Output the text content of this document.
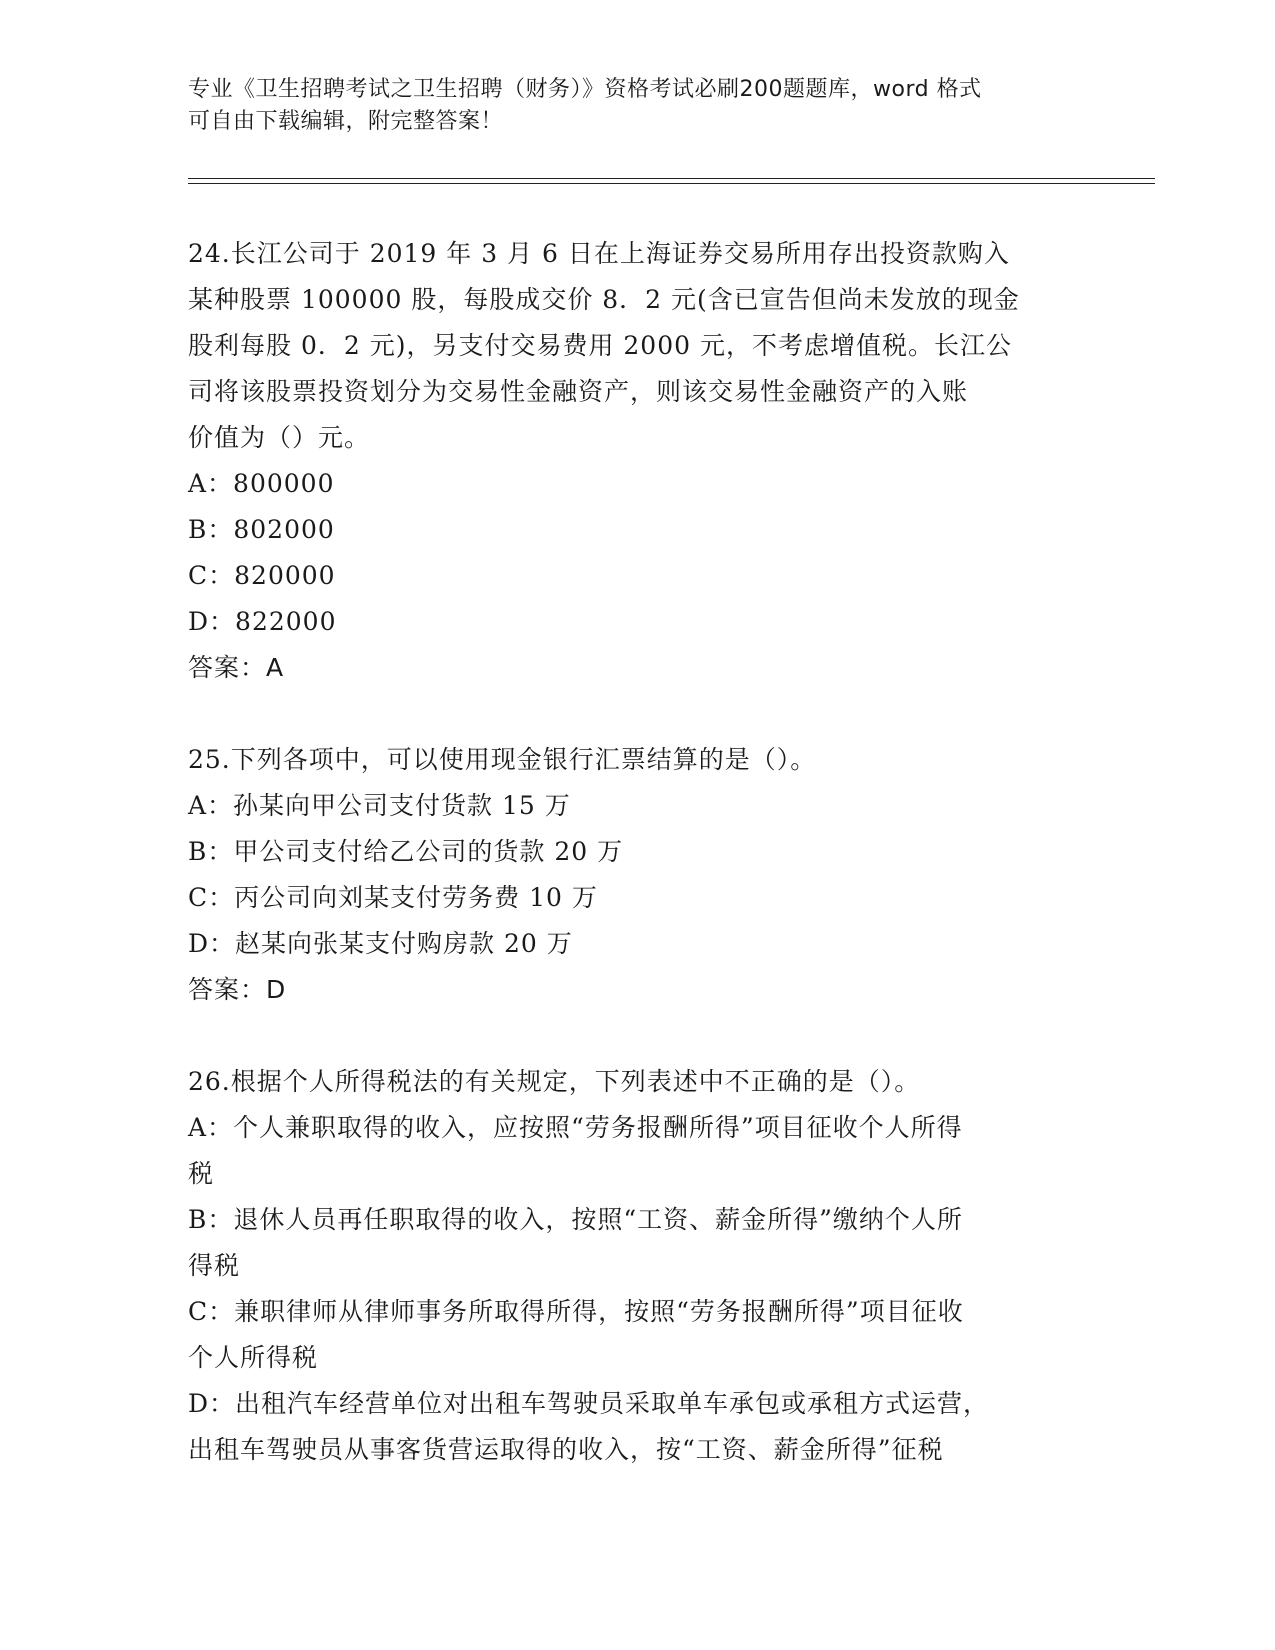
专业《卫生招聘考试之卫生招聘（财务）》资格考试必刷200题题库，word 格式
可自由下载编辑，附完整答案！

24.长江公司于 2019 年 3 月 6 日在上海证券交易所用存出投资款购入

某种股票 100000 股，每股成交价 8．2 元(含已宣告但尚未发放的现金

股利每股 0．2 元)，另支付交易费用 2000 元，不考虑增值税。长江公

司将该股票投资划分为交易性金融资产，则该交易性金融资产的入账

价值为（）元。

A：800000

B：802000

C：820000

D：822000

答案：A

25.下列各项中，可以使用现金银行汇票结算的是（）。

A：孙某向甲公司支付货款 15 万

B：甲公司支付给乙公司的货款 20 万

C：丙公司向刘某支付劳务费 10 万

D：赵某向张某支付购房款 20 万

答案：D

26.根据个人所得税法的有关规定，下列表述中不正确的是（）。

A：个人兼职取得的收入，应按照“劳务报酬所得”项目征收个人所得

税

B：退休人员再任职取得的收入，按照“工资、薪金所得”缴纳个人所

得税

C：兼职律师从律师事务所取得所得，按照“劳务报酬所得”项目征收

个人所得税

D：出租汽车经营单位对出租车驾驶员采取单车承包或承租方式运营，

出租车驾驶员从事客货营运取得的收入，按“工资、薪金所得”征税
